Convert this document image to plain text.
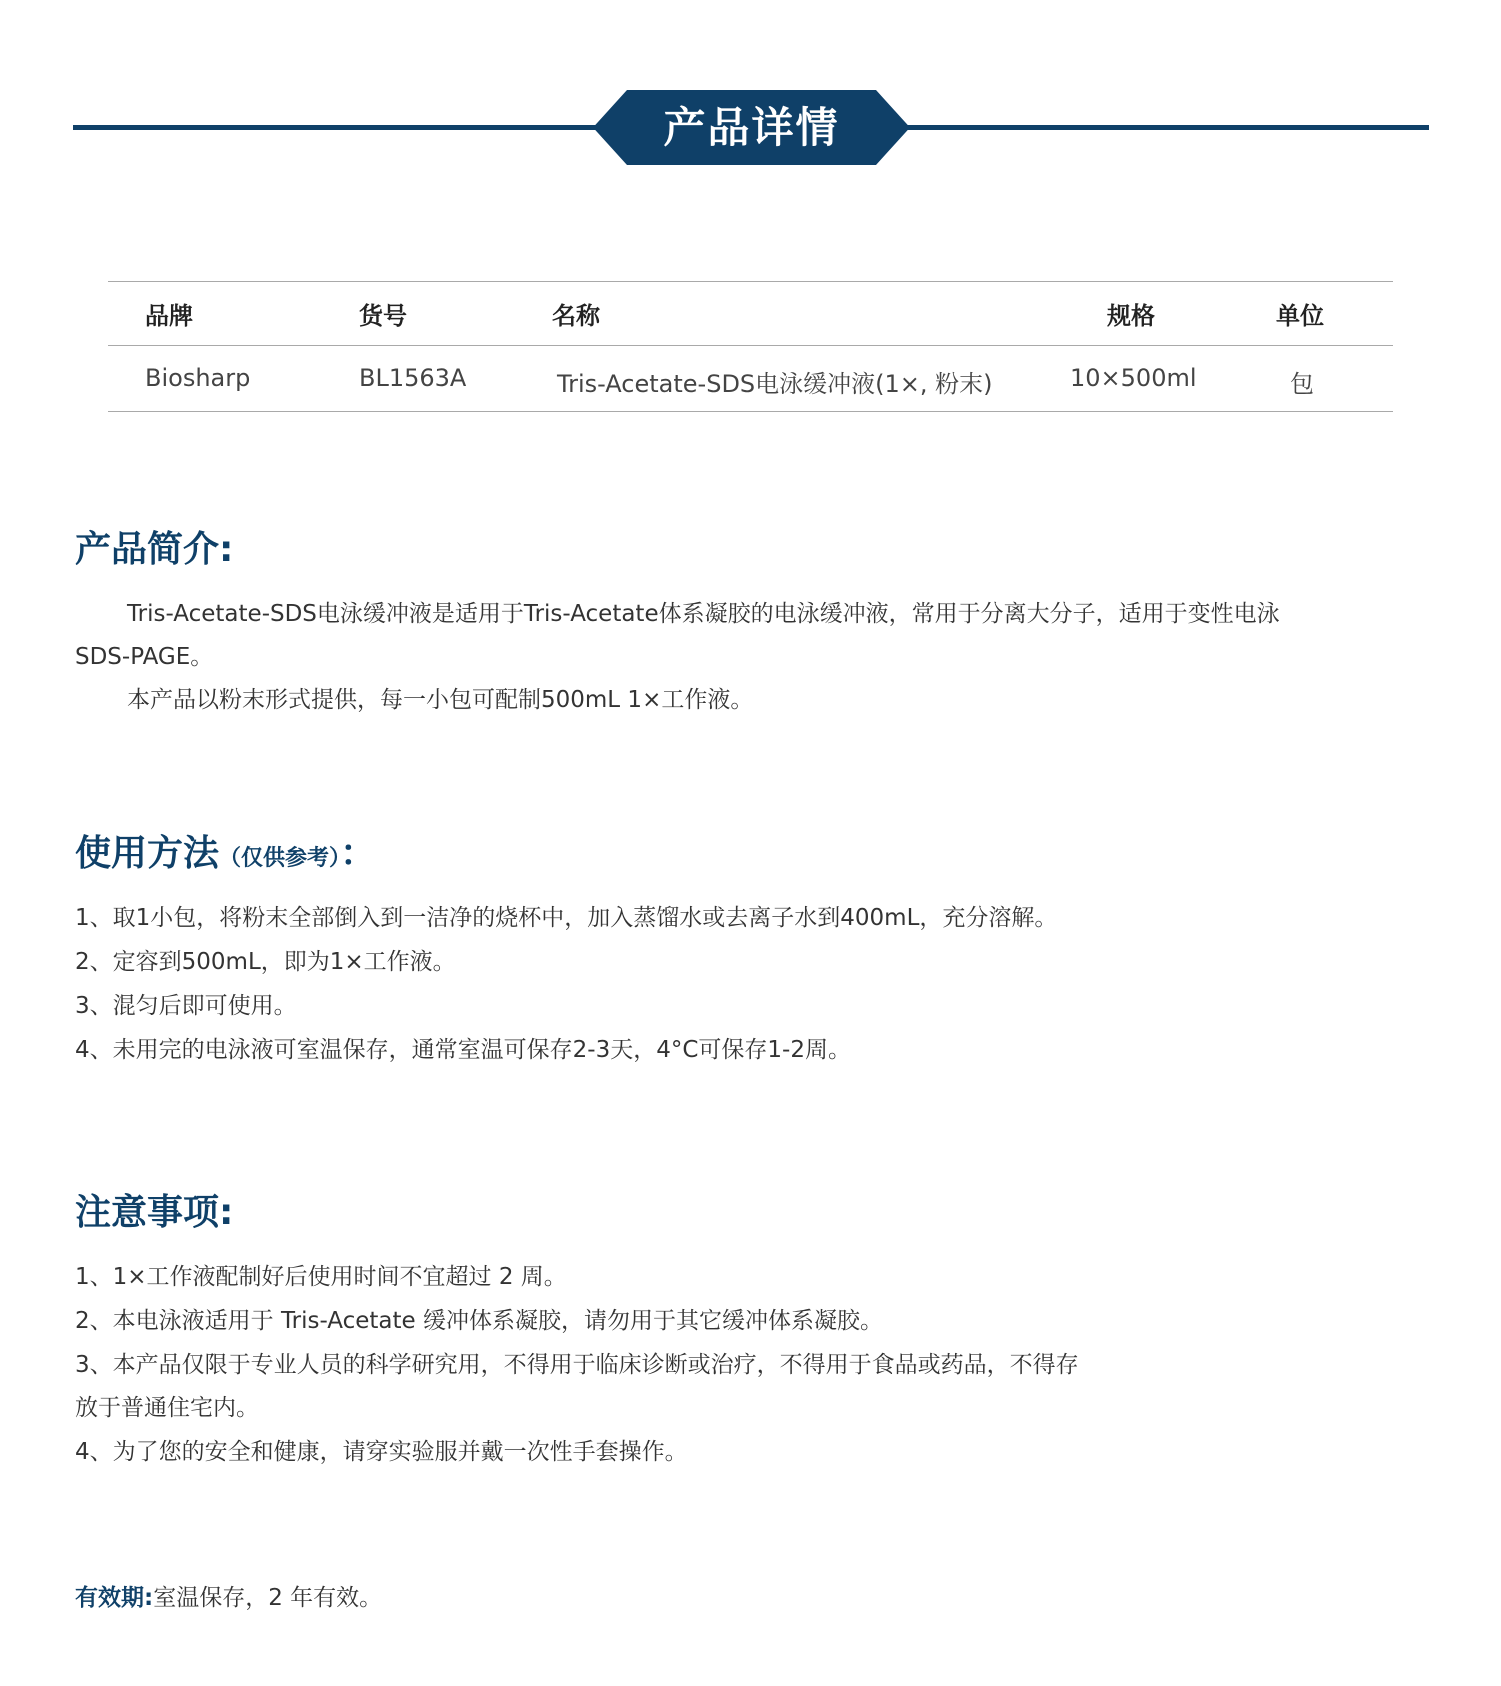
产品详情
品牌	货号	名称	规格	单位
Biosharp	BL1563A	Tris-Acetate-SDS电泳缓冲液(1×, 粉末)	10×500ml	包
产品简介:
Tris-Acetate-SDS电泳缓冲液是适用于Tris-Acetate体系凝胶的电泳缓冲液，常用于分离大分子，适用于变性电泳
SDS-PAGE。
本产品以粉末形式提供，每一小包可配制500mL 1×工作液。
使用方法（仅供参考）：
1、取1小包，将粉末全部倒入到一洁净的烧杯中，加入蒸馏水或去离子水到400mL，充分溶解。
2、定容到500mL，即为1×工作液。
3、混匀后即可使用。
4、未用完的电泳液可室温保存，通常室温可保存2-3天，4°C可保存1-2周。
注意事项:
1、1×工作液配制好后使用时间不宜超过 2 周。
2、本电泳液适用于 Tris-Acetate 缓冲体系凝胶，请勿用于其它缓冲体系凝胶。
3、本产品仅限于专业人员的科学研究用，不得用于临床诊断或治疗，不得用于食品或药品，不得存
放于普通住宅内。
4、为了您的安全和健康，请穿实验服并戴一次性手套操作。
有效期:室温保存，2 年有效。
